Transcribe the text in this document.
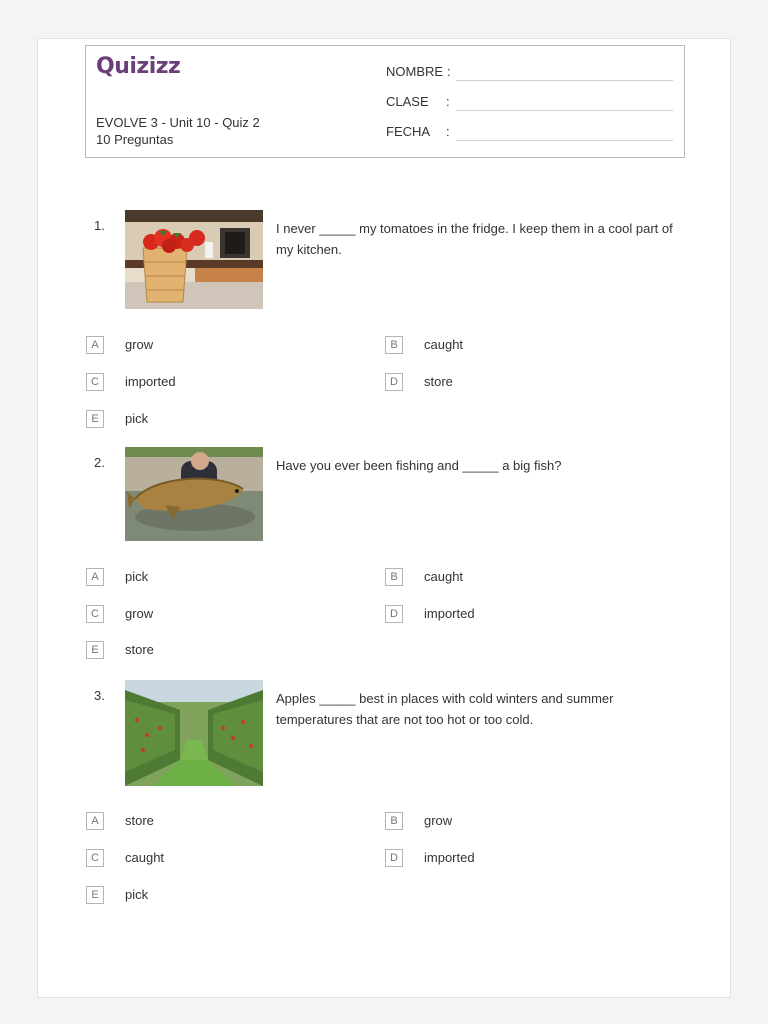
Quizizz
EVOLVE 3 - Unit 10 - Quiz 2
10 Preguntas
NOMBRE :
CLASE :
FECHA :
1.	I never _____ my tomatoes in the fridge. I keep them in a cool part of my kitchen.
A	grow	B	caught
C	imported	D	store
E	pick
2.	Have you ever been fishing and _____ a big fish?
A	pick	B	caught
C	grow	D	imported
E	store
3.	Apples _____ best in places with cold winters and summer temperatures that are not too hot or too cold.
A	store	B	grow
C	caught	D	imported
E	pick
